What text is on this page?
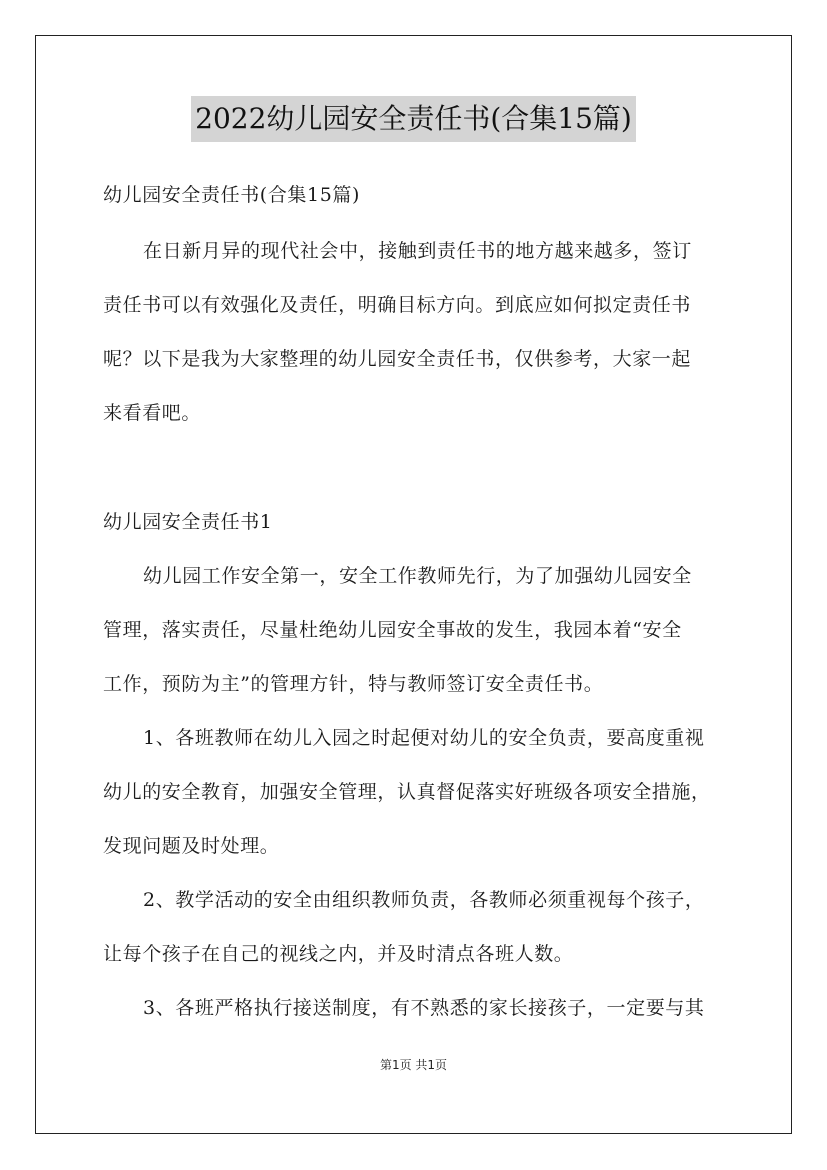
2022幼儿园安全责任书(合集15篇)
幼儿园安全责任书(合集15篇)
在日新月异的现代社会中，接触到责任书的地方越来越多，签订
责任书可以有效强化及责任，明确目标方向。到底应如何拟定责任书
呢？以下是我为大家整理的幼儿园安全责任书，仅供参考，大家一起
来看看吧。
幼儿园安全责任书1
幼儿园工作安全第一，安全工作教师先行，为了加强幼儿园安全
管理，落实责任，尽量杜绝幼儿园安全事故的发生，我园本着“安全
工作，预防为主”的管理方针，特与教师签订安全责任书。
1、各班教师在幼儿入园之时起便对幼儿的安全负责，要高度重视
幼儿的安全教育，加强安全管理，认真督促落实好班级各项安全措施，
发现问题及时处理。
2、教学活动的安全由组织教师负责，各教师必须重视每个孩子，
让每个孩子在自己的视线之内，并及时清点各班人数。
3、各班严格执行接送制度，有不熟悉的家长接孩子，一定要与其
第1页 共1页
